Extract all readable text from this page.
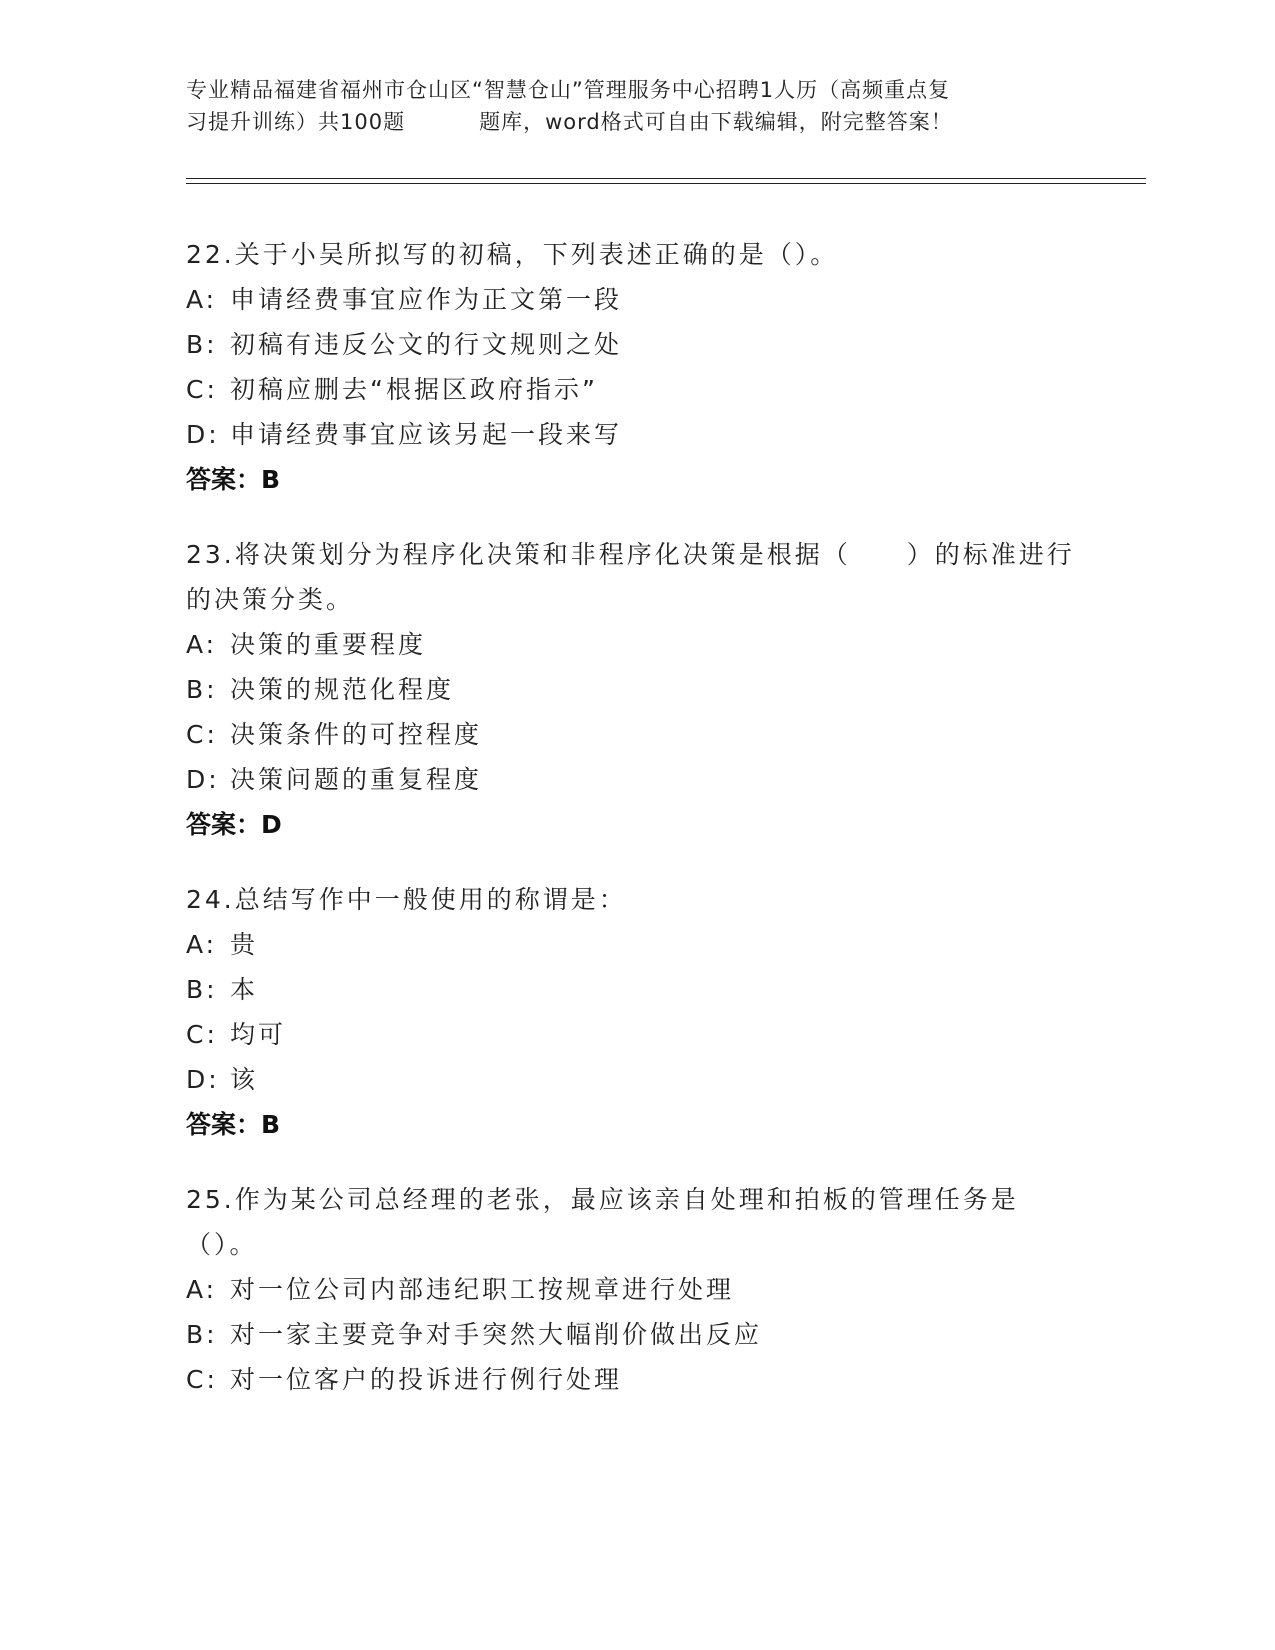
专业精品福建省福州市仓山区“智慧仓山”管理服务中心招聘1人历（高频重点复
习提升训练）共100题	题库，word格式可自由下载编辑，附完整答案！
22.关于小吴所拟写的初稿，下列表述正确的是（）。
A: 申请经费事宜应作为正文第一段
B: 初稿有违反公文的行文规则之处
C: 初稿应删去“根据区政府指示”
D: 申请经费事宜应该另起一段来写
答案：B
23.将决策划分为程序化决策和非程序化决策是根据（　　）的标准进行的决策分类。
A: 决策的重要程度
B: 决策的规范化程度
C: 决策条件的可控程度
D: 决策问题的重复程度
答案：D
24.总结写作中一般使用的称谓是：
A: 贵
B: 本
C: 均可
D: 该
答案：B
25.作为某公司总经理的老张，最应该亲自处理和拍板的管理任务是（）。
A: 对一位公司内部违纪职工按规章进行处理
B: 对一家主要竞争对手突然大幅削价做出反应
C: 对一位客户的投诉进行例行处理
